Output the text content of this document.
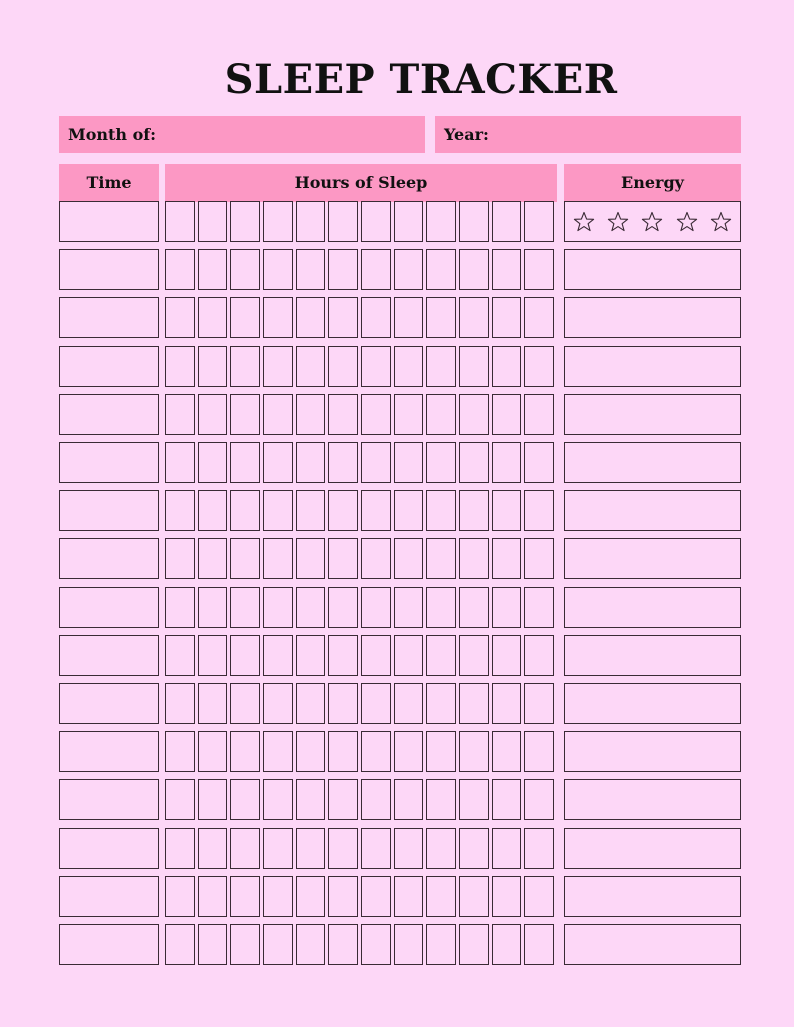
SLEEP TRACKER
Month of:	Year:
Time	Hours of Sleep	Energy
